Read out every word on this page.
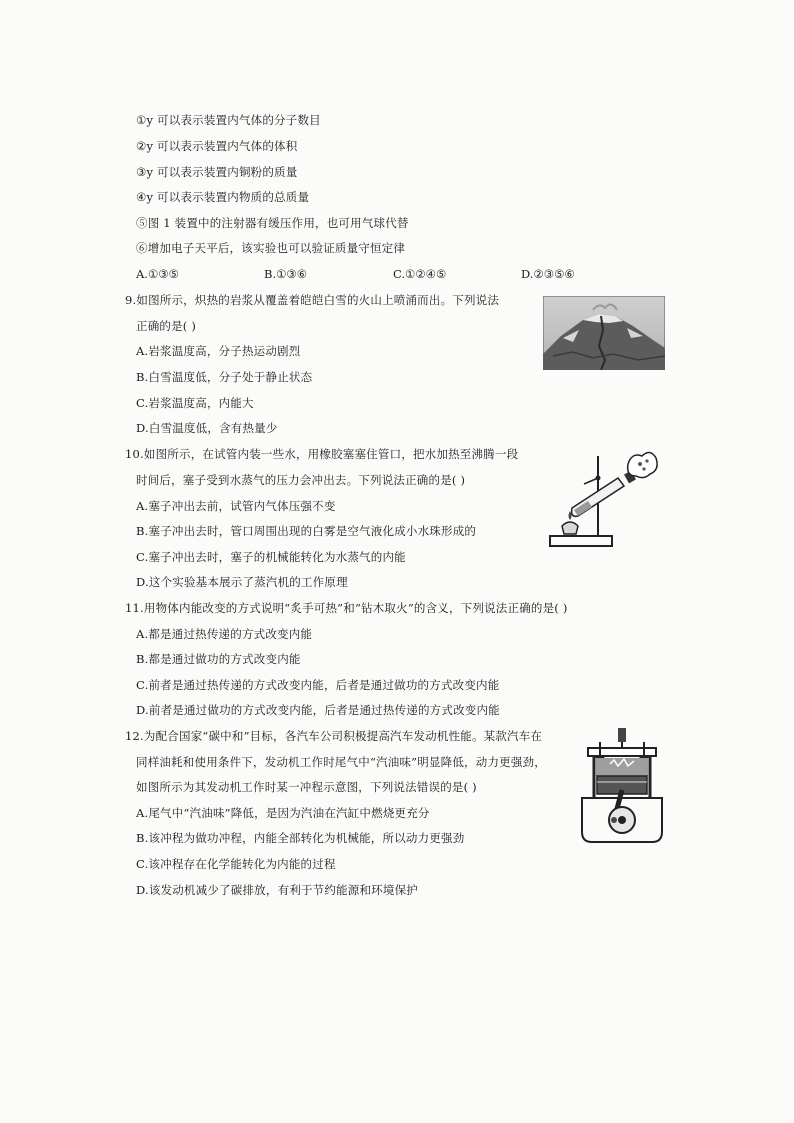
①y 可以表示装置内气体的分子数目
②y 可以表示装置内气体的体积
③y 可以表示装置内铜粉的质量
④y 可以表示装置内物质的总质量
⑤图 1 装置中的注射器有缓压作用，也可用气球代替
⑥增加电子天平后，该实验也可以验证质量守恒定律
A.①③⑤	B.①③⑥	C.①②④⑤	D.②③⑤⑥
9.如图所示，炽热的岩浆从覆盖着皑皑白雪的火山上喷涌而出。下列说法
正确的是( )
A.岩浆温度高，分子热运动剧烈
B.白雪温度低，分子处于静止状态
C.岩浆温度高，内能大
D.白雪温度低，含有热量少
10.如图所示，在试管内装一些水，用橡胶塞塞住管口，把水加热至沸腾一段
时间后，塞子受到水蒸气的压力会冲出去。下列说法正确的是( )
A.塞子冲出去前，试管内气体压强不变
B.塞子冲出去时，管口周围出现的白雾是空气液化成小水珠形成的
C.塞子冲出去时，塞子的机械能转化为水蒸气的内能
D.这个实验基本展示了蒸汽机的工作原理
11.用物体内能改变的方式说明“炙手可热”和“钻木取火”的含义，下列说法正确的是( )
A.都是通过热传递的方式改变内能
B.都是通过做功的方式改变内能
C.前者是通过热传递的方式改变内能，后者是通过做功的方式改变内能
D.前者是通过做功的方式改变内能，后者是通过热传递的方式改变内能
12.为配合国家“碳中和”目标，各汽车公司积极提高汽车发动机性能。某款汽车在
同样油耗和使用条件下，发动机工作时尾气中“汽油味”明显降低，动力更强劲，
如图所示为其发动机工作时某一冲程示意图，下列说法错误的是( )
A.尾气中“汽油味”降低，是因为汽油在汽缸中燃烧更充分
B.该冲程为做功冲程，内能全部转化为机械能，所以动力更强劲
C.该冲程存在化学能转化为内能的过程
D.该发动机减少了碳排放，有利于节约能源和环境保护
